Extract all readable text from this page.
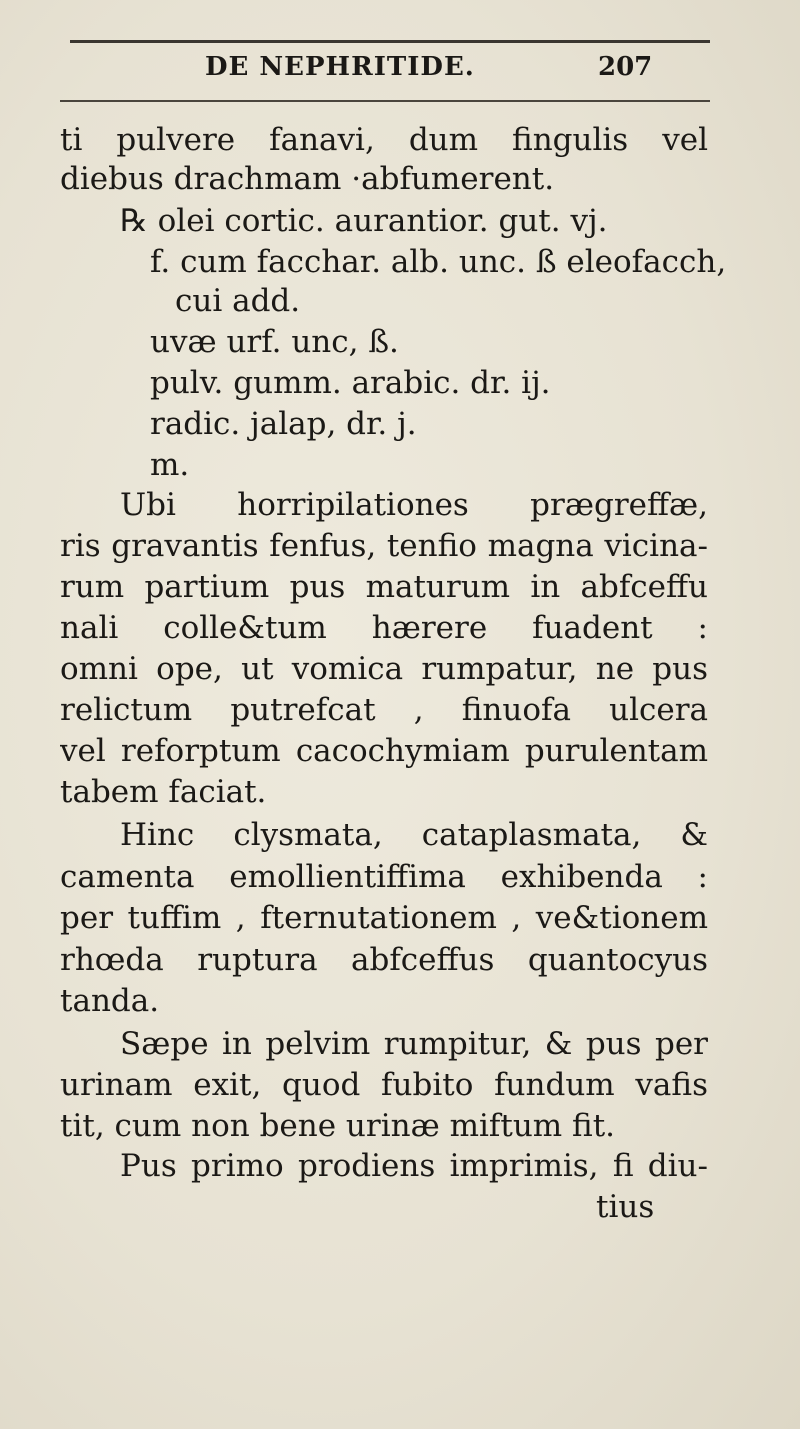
DE NEPHRITIDE.	207
ti pulvere fanavi, dum fingulis vel
diebus drachmam ·abfumerent.
℞ olei cortic. aurantior. gut. vj.
f. cum facchar. alb. unc. ß eleofacch,
cui add.
uvæ urf. unc, ß.
pulv. gumm. arabic. dr. ij.
radic. jalap, dr. j.
m.
Ubi horripilationes prægreffæ,
ris gravantis fenfus, tenfio magna vicina-
rum partium pus maturum in abfceffu
nali colle&tum hærere fuadent :
omni ope, ut vomica rumpatur, ne pus
relictum putrefcat , finuofa ulcera
vel reforptum cacochymiam purulentam
tabem faciat.
Hinc clysmata, cataplasmata, &
camenta emollientiffima exhibenda :
per tuffim , fternutationem , ve&tionem
rhœda ruptura abfceffus quantocyus
tanda.
Sæpe in pelvim rumpitur, & pus per
urinam exit, quod fubito fundum vafis
tit, cum non bene urinæ miftum fit.
Pus primo prodiens imprimis, fi diu-
tius
